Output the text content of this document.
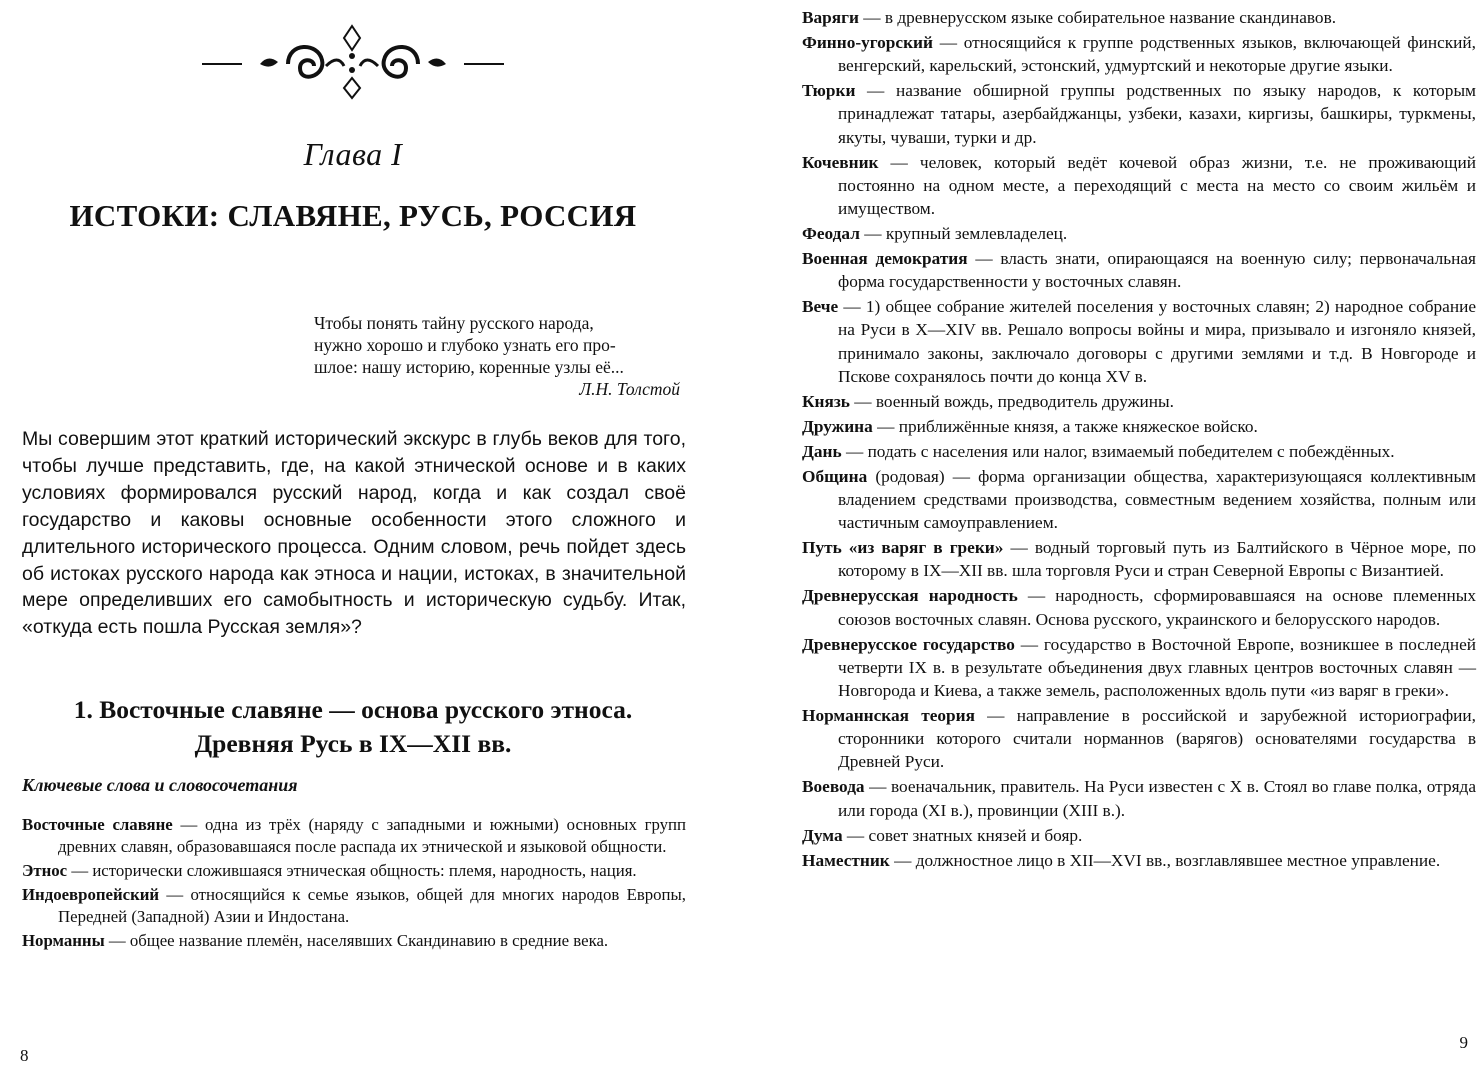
Глава I
ИСТОКИ: СЛАВЯНЕ, РУСЬ, РОССИЯ
Чтобы понять тайну русского народа,
нужно хорошо и глубоко узнать его про-
шлое: нашу историю, коренные узлы её...
Л.Н. Толстой
Мы совершим этот краткий исторический экскурс в глубь веков для того, чтобы лучше представить, где, на какой этнической основе и в каких условиях формировался русский народ, когда и как создал своё государство и каковы основные особенности этого сложного и длительного исторического процесса. Одним словом, речь пойдет здесь об истоках русского народа как этноса и нации, истоках, в значительной мере определивших его самобытность и историческую судьбу. Итак, «откуда есть пошла Русская земля»?
1. Восточные славяне — основа русского этноса.
Древняя Русь в IX—XII вв.
Ключевые слова и словосочетания
Восточные славяне — одна из трёх (наряду с западными и южными) основных групп древних славян, образовавшаяся после распада их этнической и языковой общности.
Этнос — исторически сложившаяся этническая общность: племя, народность, нация.
Индоевропейский — относящийся к семье языков, общей для многих народов Европы, Передней (Западной) Азии и Индостана.
Норманны — общее название племён, населявших Скандинавию в средние века.
8
Варяги — в древнерусском языке собирательное название скандинавов.
Финно-угорский — относящийся к группе родственных языков, включающей финский, венгерский, карельский, эстонский, удмуртский и некоторые другие языки.
Тюрки — название обширной группы родственных по языку народов, к которым принадлежат татары, азербайджанцы, узбеки, казахи, киргизы, башкиры, туркмены, якуты, чуваши, турки и др.
Кочевник — человек, который ведёт кочевой образ жизни, т.е. не проживающий постоянно на одном месте, а переходящий с места на место со своим жильём и имуществом.
Феодал — крупный землевладелец.
Военная демократия — власть знати, опирающаяся на военную силу; первоначальная форма государственности у восточных славян.
Вече — 1) общее собрание жителей поселения у восточных славян; 2) народное собрание на Руси в X—XIV вв. Решало вопросы войны и мира, призывало и изгоняло князей, принимало законы, заключало договоры с другими землями и т.д. В Новгороде и Пскове сохранялось почти до конца XV в.
Князь — военный вождь, предводитель дружины.
Дружина — приближённые князя, а также княжеское войско.
Дань — подать с населения или налог, взимаемый победителем с побеждённых.
Община (родовая) — форма организации общества, характеризующаяся коллективным владением средствами производства, совместным ведением хозяйства, полным или частичным самоуправлением.
Путь «из варяг в греки» — водный торговый путь из Балтийского в Чёрное море, по которому в IX—XII вв. шла торговля Руси и стран Северной Европы с Византией.
Древнерусская народность — народность, сформировавшаяся на основе племенных союзов восточных славян. Основа русского, украинского и белорусского народов.
Древнерусское государство — государство в Восточной Европе, возникшее в последней четверти IX в. в результате объединения двух главных центров восточных славян — Новгорода и Киева, а также земель, расположенных вдоль пути «из варяг в греки».
Норманнская теория — направление в российской и зарубежной историографии, сторонники которого считали норманнов (варягов) основателями государства в Древней Руси.
Воевода — военачальник, правитель. На Руси известен с X в. Стоял во главе полка, отряда или города (XI в.), провинции (XIII в.).
Дума — совет знатных князей и бояр.
Наместник — должностное лицо в XII—XVI вв., возглавлявшее местное управление.
9
